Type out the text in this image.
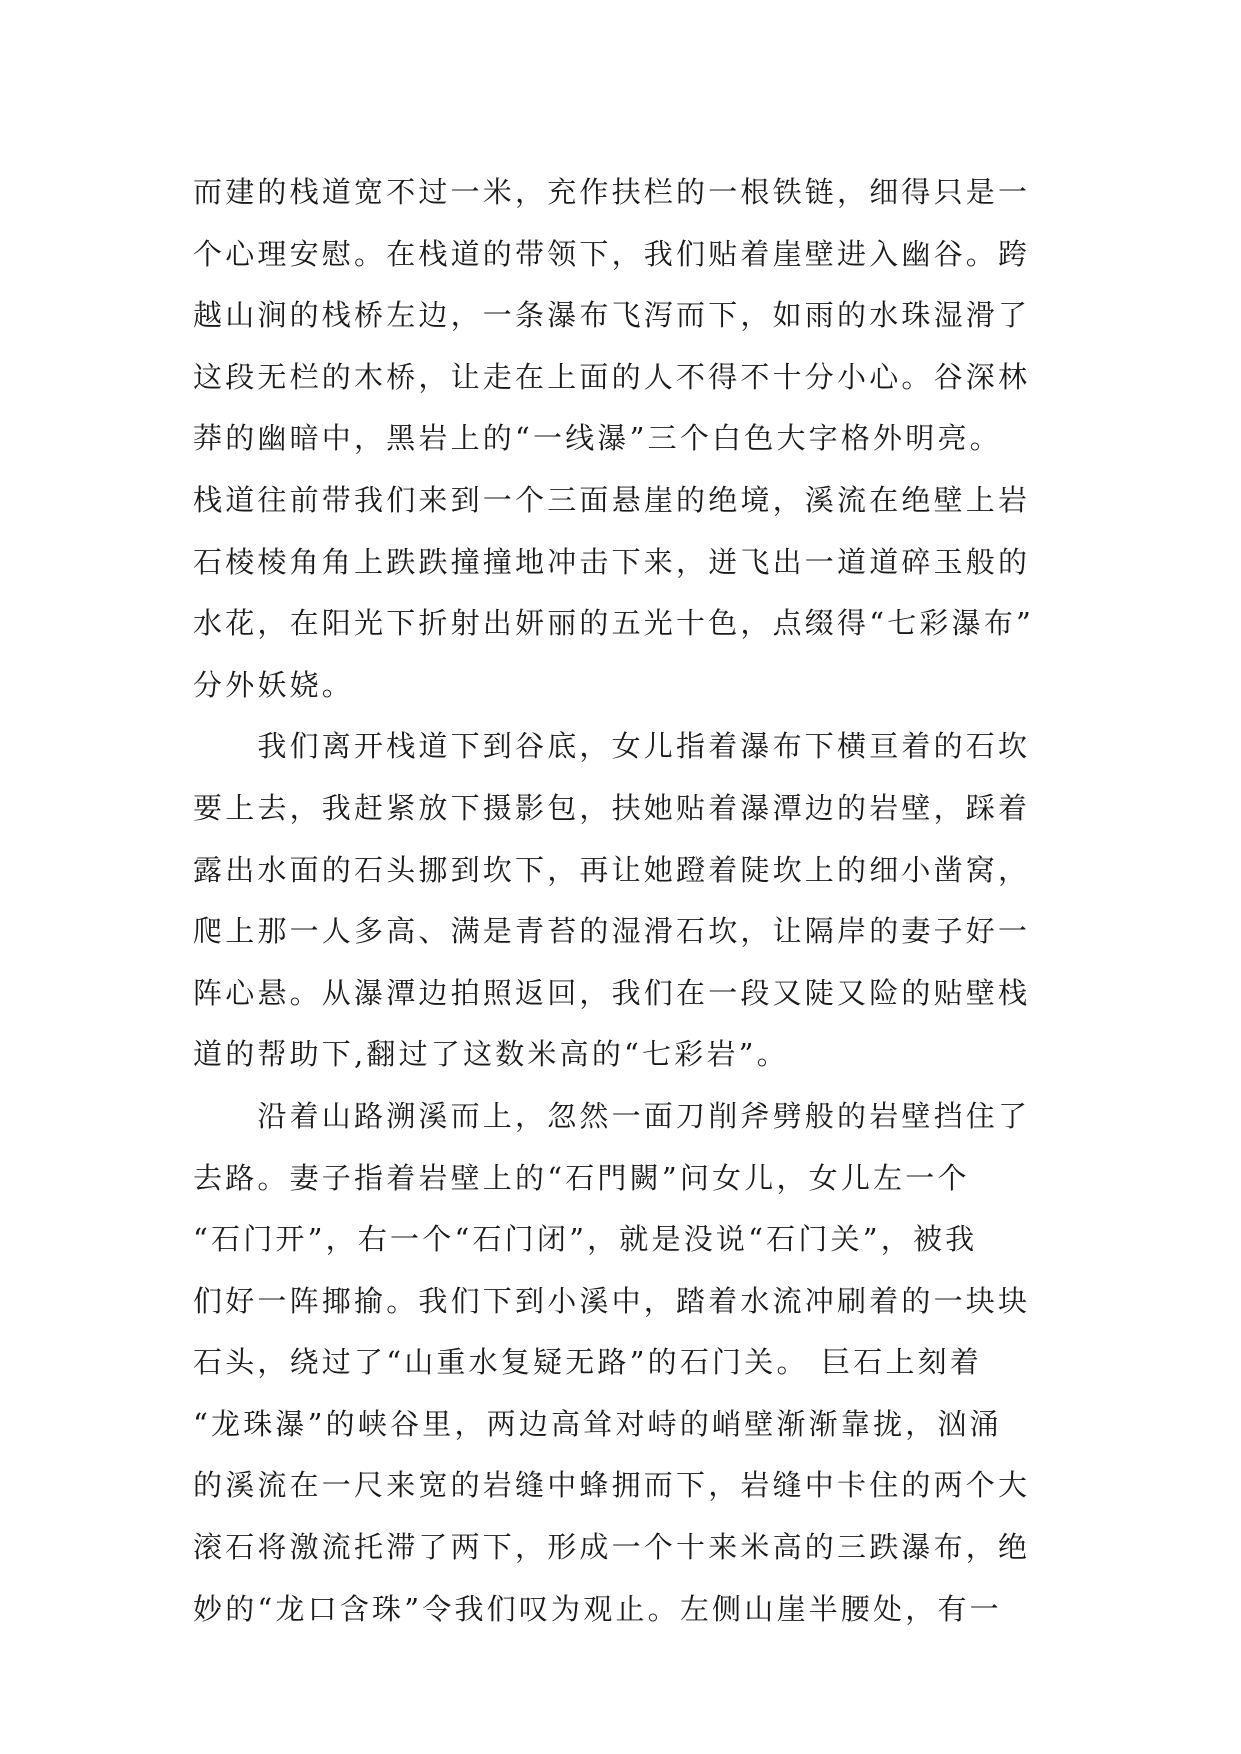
而建的栈道宽不过一米，充作扶栏的一根铁链，细得只是一
个心理安慰。在栈道的带领下，我们贴着崖壁进入幽谷。跨
越山涧的栈桥左边，一条瀑布飞泻而下，如雨的水珠湿滑了
这段无栏的木桥，让走在上面的人不得不十分小心。谷深林
莽的幽暗中，黑岩上的“一线瀑”三个白色大字格外明亮。
栈道往前带我们来到一个三面悬崖的绝境，溪流在绝壁上岩
石棱棱角角上跌跌撞撞地冲击下来，迸飞出一道道碎玉般的
水花，在阳光下折射出妍丽的五光十色，点缀得“七彩瀑布”
分外妖娆。
　　我们离开栈道下到谷底，女儿指着瀑布下横亘着的石坎
要上去，我赶紧放下摄影包，扶她贴着瀑潭边的岩壁，踩着
露出水面的石头挪到坎下，再让她蹬着陡坎上的细小凿窝，
爬上那一人多高、满是青苔的湿滑石坎，让隔岸的妻子好一
阵心悬。从瀑潭边拍照返回，我们在一段又陡又险的贴壁栈
道的帮助下,翻过了这数米高的“七彩岩”。
　　沿着山路溯溪而上，忽然一面刀削斧劈般的岩壁挡住了
去路。妻子指着岩壁上的“石門闕”问女儿，女儿左一个
“石门开”，右一个“石门闭”，就是没说“石门关”，被我
们好一阵揶揄。我们下到小溪中，踏着水流冲刷着的一块块
石头，绕过了“山重水复疑无路”的石门关。 巨石上刻着
“龙珠瀑”的峡谷里，两边高耸对峙的峭壁渐渐靠拢，汹涌
的溪流在一尺来宽的岩缝中蜂拥而下，岩缝中卡住的两个大
滚石将激流托滞了两下，形成一个十来米高的三跌瀑布，绝
妙的“龙口含珠”令我们叹为观止。左侧山崖半腰处，有一
